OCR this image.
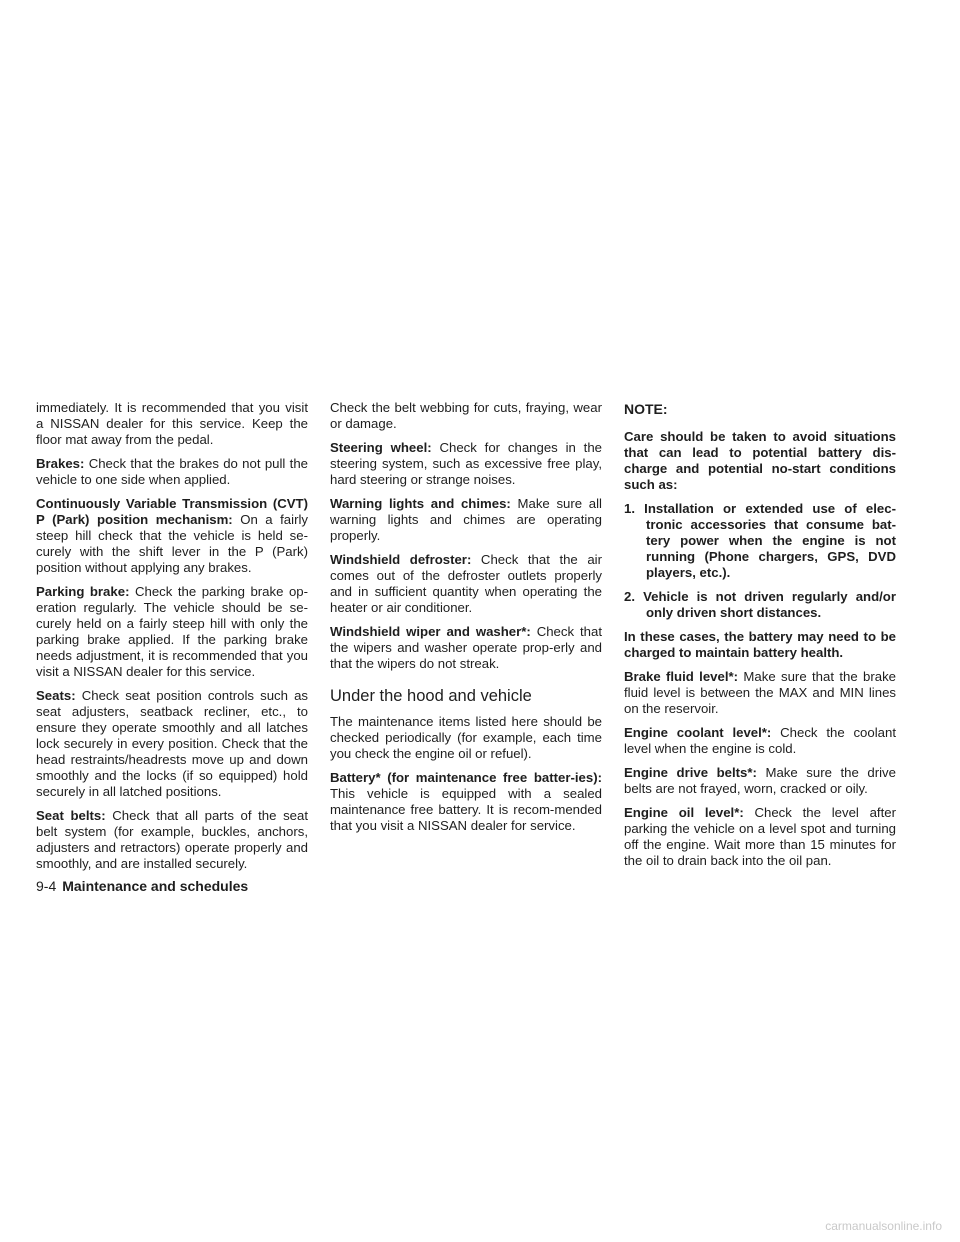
immediately. It is recommended that you visit a NISSAN dealer for this service. Keep the floor mat away from the pedal.

Brakes: Check that the brakes do not pull the vehicle to one side when applied.

Continuously Variable Transmission (CVT) P (Park) position mechanism: On a fairly steep hill check that the vehicle is held se-curely with the shift lever in the P (Park) position without applying any brakes.

Parking brake: Check the parking brake op-eration regularly. The vehicle should be se-curely held on a fairly steep hill with only the parking brake applied. If the parking brake needs adjustment, it is recommended that you visit a NISSAN dealer for this service.

Seats: Check seat position controls such as seat adjusters, seatback recliner, etc., to ensure they operate smoothly and all latches lock securely in every position. Check that the head restraints/headrests move up and down smoothly and the locks (if so equipped) hold securely in all latched positions.

Seat belts: Check that all parts of the seat belt system (for example, buckles, anchors, adjusters and retractors) operate properly and smoothly, and are installed securely.

Check the belt webbing for cuts, fraying, wear or damage.

Steering wheel: Check for changes in the steering system, such as excessive free play, hard steering or strange noises.

Warning lights and chimes: Make sure all warning lights and chimes are operating properly.

Windshield defroster: Check that the air comes out of the defroster outlets properly and in sufficient quantity when operating the heater or air conditioner.

Windshield wiper and washer*: Check that the wipers and washer operate prop-erly and that the wipers do not streak.

Under the hood and vehicle

The maintenance items listed here should be checked periodically (for example, each time you check the engine oil or refuel).

Battery* (for maintenance free batter-ies): This vehicle is equipped with a sealed maintenance free battery. It is recom-mended that you visit a NISSAN dealer for service.

NOTE:

Care should be taken to avoid situations that can lead to potential battery dis-charge and potential no-start conditions such as:

1. Installation or extended use of elec-tronic accessories that consume bat-tery power when the engine is not running (Phone chargers, GPS, DVD players, etc.).
2. Vehicle is not driven regularly and/or only driven short distances.

In these cases, the battery may need to be charged to maintain battery health.

Brake fluid level*: Make sure that the brake fluid level is between the MAX and MIN lines on the reservoir.

Engine coolant level*: Check the coolant level when the engine is cold.

Engine drive belts*: Make sure the drive belts are not frayed, worn, cracked or oily.

Engine oil level*: Check the level after parking the vehicle on a level spot and turning off the engine. Wait more than 15 minutes for the oil to drain back into the oil pan.

9-4 Maintenance and schedules
carmanualsonline.info
